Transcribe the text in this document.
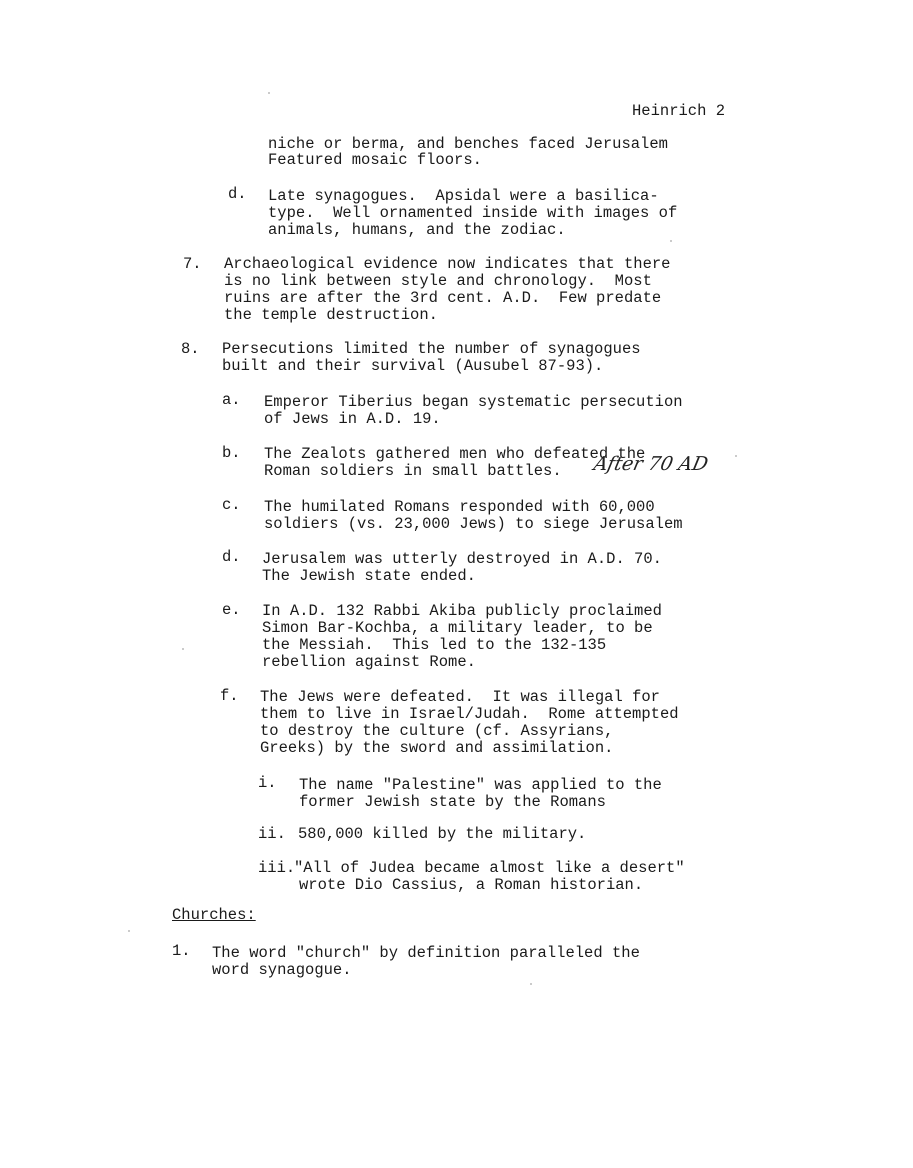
Heinrich 2
niche or berma, and benches faced Jerusalem
Featured mosaic floors.
d. Late synagogues.  Apsidal were a basilica-
type.  Well ornamented inside with images of
animals, humans, and the zodiac.
7. Archaeological evidence now indicates that there
is no link between style and chronology.  Most
ruins are after the 3rd cent. A.D.  Few predate
the temple destruction.
8. Persecutions limited the number of synagogues
built and their survival (Ausubel 87-93).
a. Emperor Tiberius began systematic persecution
of Jews in A.D. 19.
b. The Zealots gathered men who defeated the
Roman soldiers in small battles. After 70 AD
c. The humilated Romans responded with 60,000
soldiers (vs. 23,000 Jews) to siege Jerusalem
d. Jerusalem was utterly destroyed in A.D. 70.
The Jewish state ended.
e. In A.D. 132 Rabbi Akiba publicly proclaimed
Simon Bar-Kochba, a military leader, to be
the Messiah.  This led to the 132-135
rebellion against Rome.
f. The Jews were defeated.  It was illegal for
them to live in Israel/Judah.  Rome attempted
to destroy the culture (cf. Assyrians,
Greeks) by the sword and assimilation.
i. The name "Palestine" was applied to the
former Jewish state by the Romans
ii. 580,000 killed by the military.
iii.
"All of Judea became almost like a desert"
wrote Dio Cassius, a Roman historian.
Churches:
1. The word "church" by definition paralleled the
word synagogue.
